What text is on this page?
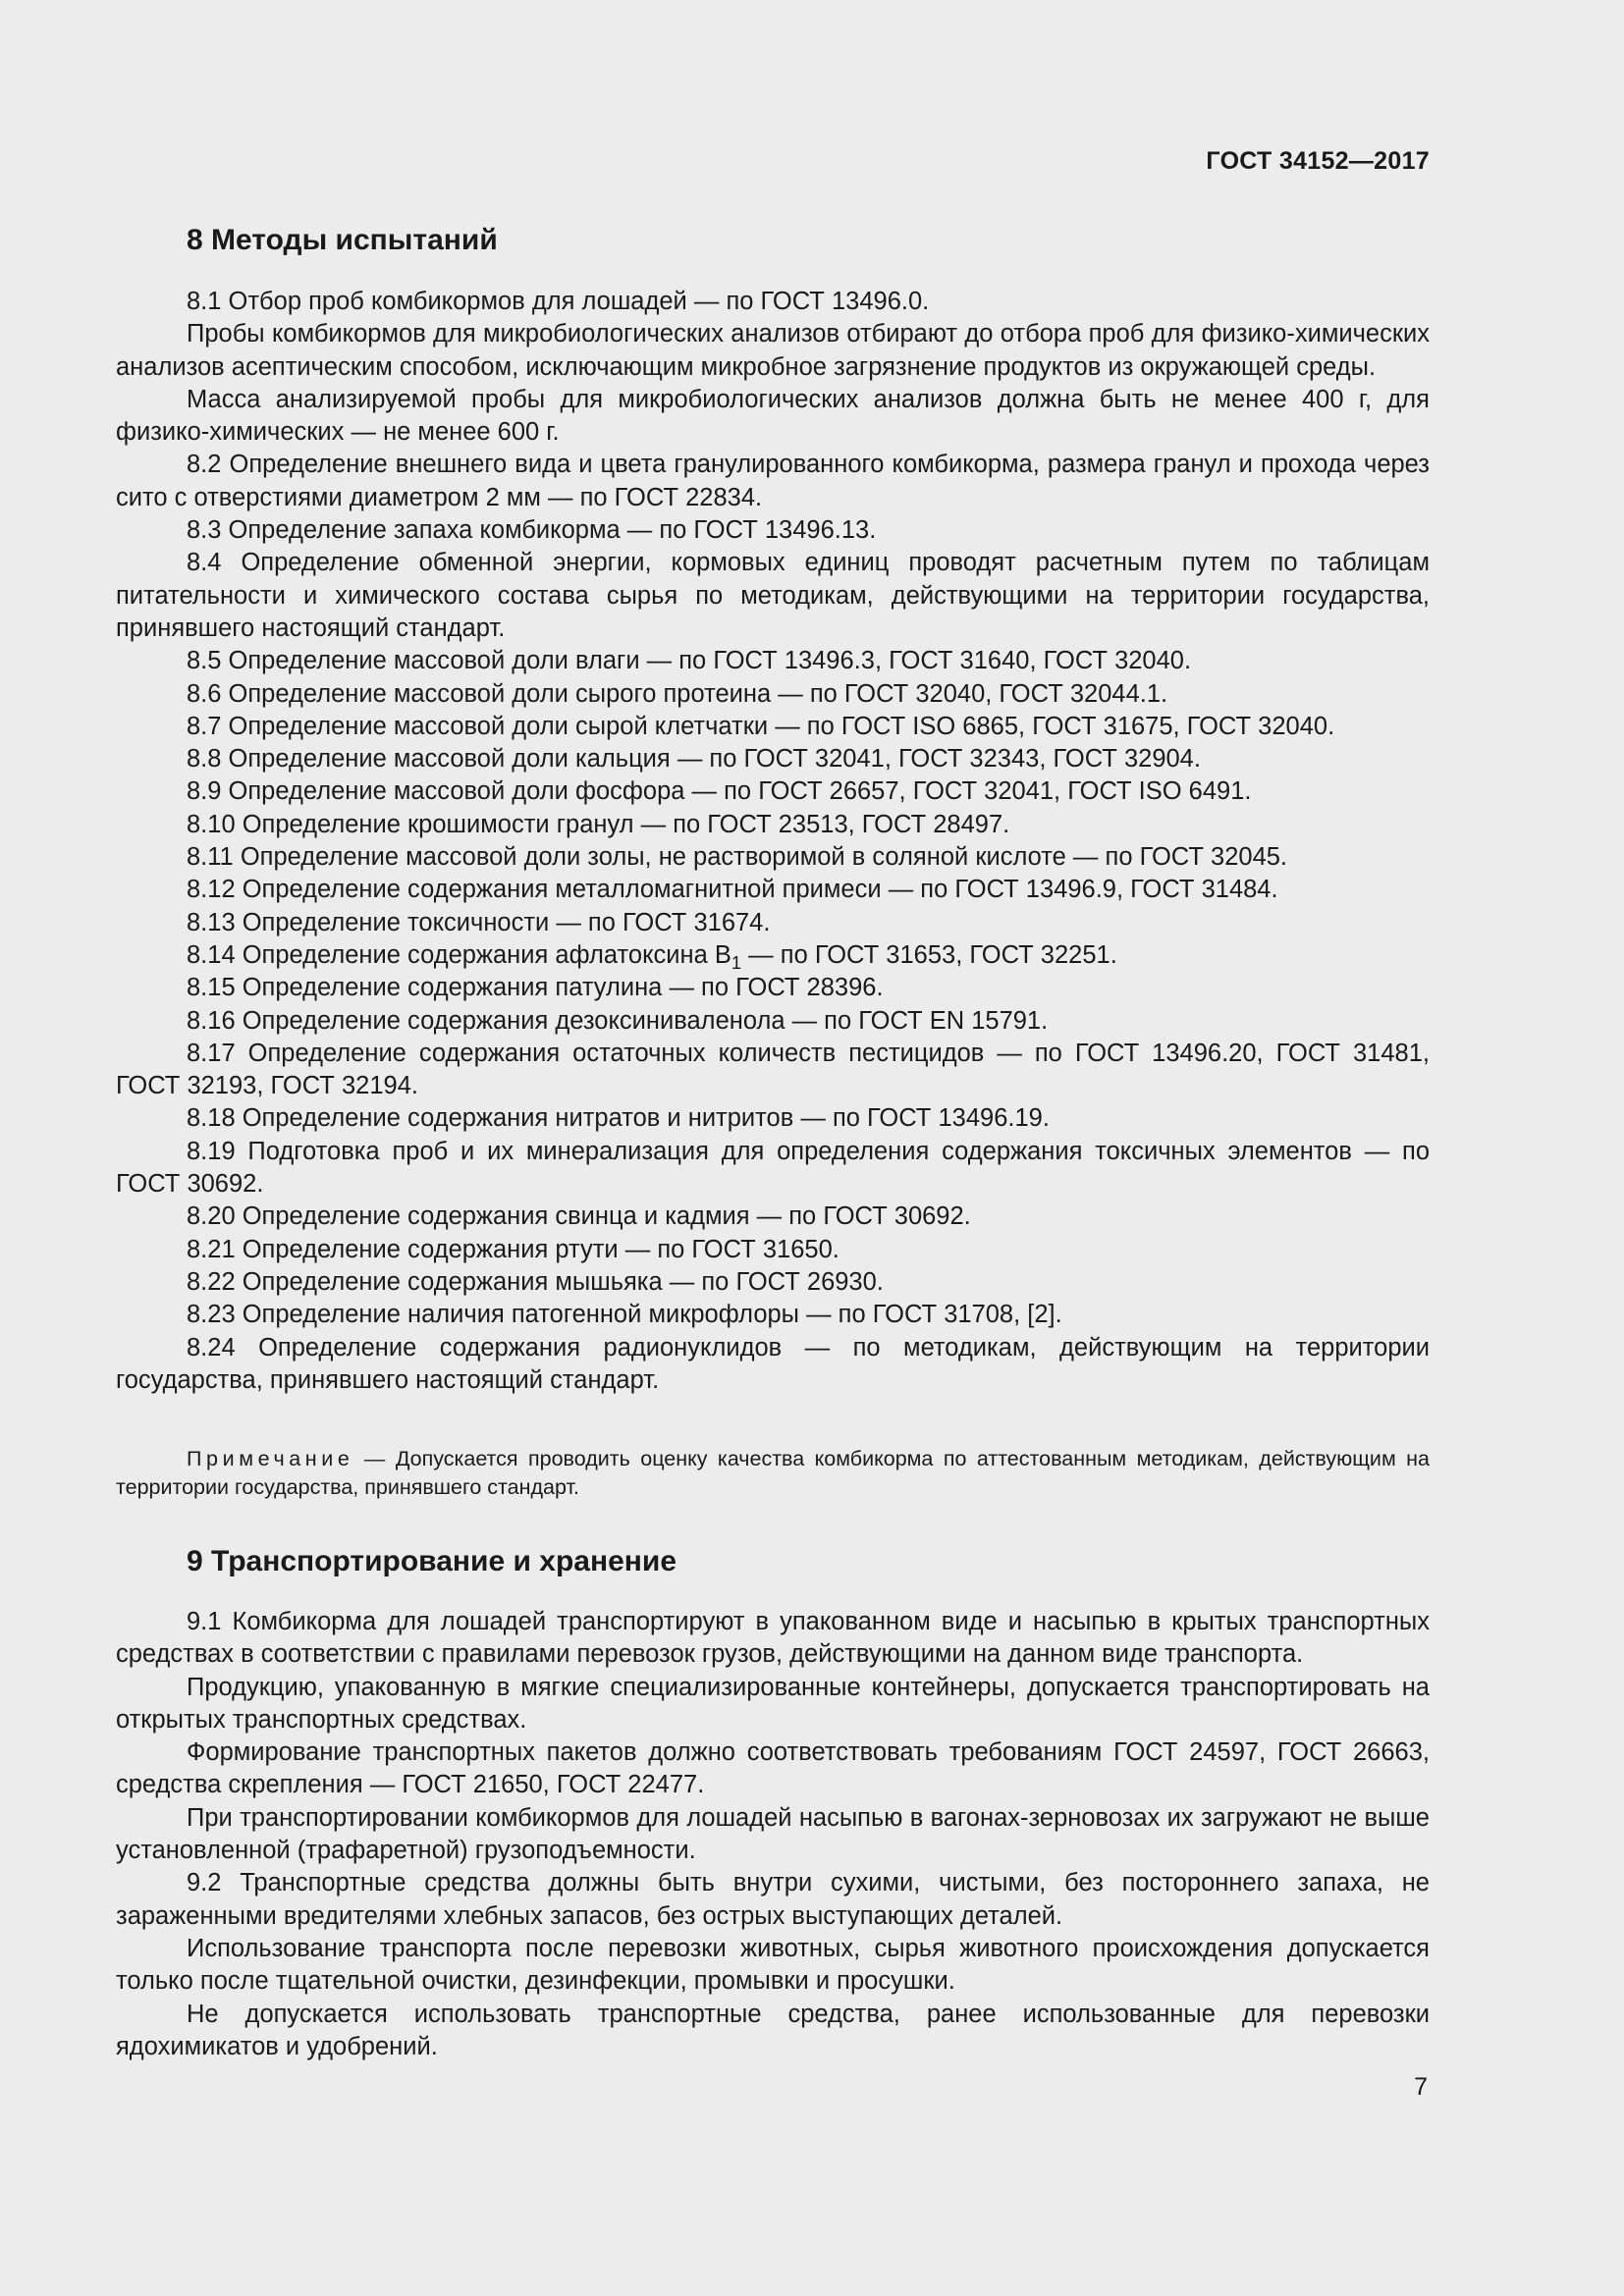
ГОСТ 34152—2017
8 Методы испытаний

8.1 Отбор проб комбикормов для лошадей — по ГОСТ 13496.0.

Пробы комбикормов для микробиологических анализов отбирают до отбора проб для физико-химических анализов асептическим способом, исключающим микробное загрязнение продуктов из окружающей среды.

Масса анализируемой пробы для микробиологических анализов должна быть не менее 400 г, для физико-химических — не менее 600 г.

8.2 Определение внешнего вида и цвета гранулированного комбикорма, размера гранул и прохода через сито с отверстиями диаметром 2 мм — по ГОСТ 22834.

8.3 Определение запаха комбикорма — по ГОСТ 13496.13.

8.4 Определение обменной энергии, кормовых единиц проводят расчетным путем по таблицам питательности и химического состава сырья по методикам, действующими на территории государства, принявшего настоящий стандарт.

8.5 Определение массовой доли влаги — по ГОСТ 13496.3, ГОСТ 31640, ГОСТ 32040.

8.6 Определение массовой доли сырого протеина — по ГОСТ 32040, ГОСТ 32044.1.

8.7 Определение массовой доли сырой клетчатки — по ГОСТ ISO 6865, ГОСТ 31675, ГОСТ 32040.

8.8 Определение массовой доли кальция — по ГОСТ 32041, ГОСТ 32343, ГОСТ 32904.

8.9 Определение массовой доли фосфора — по ГОСТ 26657, ГОСТ 32041, ГОСТ ISO 6491.

8.10 Определение крошимости гранул — по ГОСТ 23513, ГОСТ 28497.

8.11 Определение массовой доли золы, не растворимой в соляной кислоте — по ГОСТ 32045.

8.12 Определение содержания металломагнитной примеси — по ГОСТ 13496.9, ГОСТ 31484.

8.13 Определение токсичности — по ГОСТ 31674.

8.14 Определение содержания афлатоксина $B_1$ — по ГОСТ 31653, ГОСТ 32251.

8.15 Определение содержания патулина — по ГОСТ 28396.

8.16 Определение содержания дезоксиниваленола — по ГОСТ EN 15791.

8.17 Определение содержания остаточных количеств пестицидов — по ГОСТ 13496.20, ГОСТ 31481, ГОСТ 32193, ГОСТ 32194.

8.18 Определение содержания нитратов и нитритов — по ГОСТ 13496.19.

8.19 Подготовка проб и их минерализация для определения содержания токсичных элементов — по ГОСТ 30692.

8.20 Определение содержания свинца и кадмия — по ГОСТ 30692.

8.21 Определение содержания ртути — по ГОСТ 31650.

8.22 Определение содержания мышьяка — по ГОСТ 26930.

8.23 Определение наличия патогенной микрофлоры — по ГОСТ 31708, [2].

8.24 Определение содержания радионуклидов — по методикам, действующим на территории государства, принявшего настоящий стандарт.

Примечание — Допускается проводить оценку качества комбикорма по аттестованным методикам, действующим на территории государства, принявшего стандарт.

9 Транспортирование и хранение

9.1 Комбикорма для лошадей транспортируют в упакованном виде и насыпью в крытых транспортных средствах в соответствии с правилами перевозок грузов, действующими на данном виде транспорта.

Продукцию, упакованную в мягкие специализированные контейнеры, допускается транспортировать на открытых транспортных средствах.

Формирование транспортных пакетов должно соответствовать требованиям ГОСТ 24597, ГОСТ 26663, средства скрепления — ГОСТ 21650, ГОСТ 22477.

При транспортировании комбикормов для лошадей насыпью в вагонах-зерновозах их загружают не выше установленной (трафаретной) грузоподъемности.

9.2 Транспортные средства должны быть внутри сухими, чистыми, без постороннего запаха, не зараженными вредителями хлебных запасов, без острых выступающих деталей.

Использование транспорта после перевозки животных, сырья животного происхождения допускается только после тщательной очистки, дезинфекции, промывки и просушки.

Не допускается использовать транспортные средства, ранее использованные для перевозки ядохимикатов и удобрений.

7
